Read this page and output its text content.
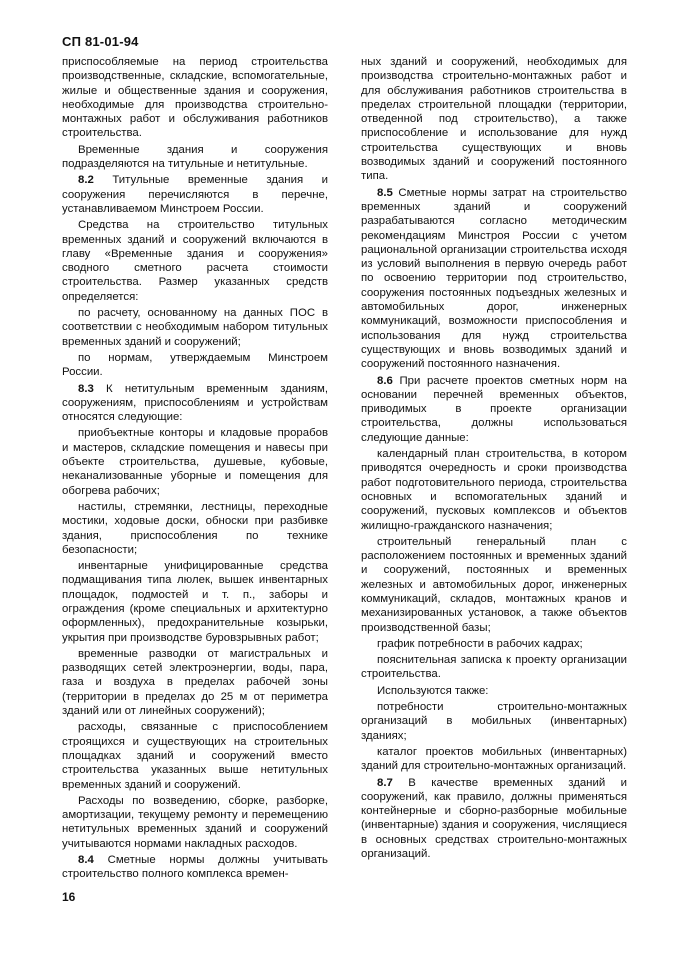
СП 81-01-94

приспособляемые на период строительства производственные, складские, вспомогательные, жилые и общественные здания и сооружения, необходимые для производства строительно-монтажных работ и обслуживания работников строительства.

Временные здания и сооружения подразделяются на титульные и нетитульные.

8.2 Титульные временные здания и сооружения перечисляются в перечне, устанавливаемом Минстроем России.

Средства на строительство титульных временных зданий и сооружений включаются в главу «Временные здания и сооружения» сводного сметного расчета стоимости строительства. Размер указанных средств определяется:

по расчету, основанному на данных ПОС в соответствии с необходимым набором титульных временных зданий и сооружений;

по нормам, утверждаемым Минстроем России.

8.3 К нетитульным временным зданиям, сооружениям, приспособлениям и устройствам относятся следующие:

приобъектные конторы и кладовые прорабов и мастеров, складские помещения и навесы при объекте строительства, душевые, кубовые, неканализованные уборные и помещения для обогрева рабочих;

настилы, стремянки, лестницы, переходные мостики, ходовые доски, обноски при разбивке здания, приспособления по технике безопасности;

инвентарные унифицированные средства подмащивания типа люлек, вышек инвентарных площадок, подмостей и т. п., заборы и ограждения (кроме специальных и архитектурно оформленных), предохранительные козырьки, укрытия при производстве буровзрывных работ;

временные разводки от магистральных и разводящих сетей электроэнергии, воды, пара, газа и воздуха в пределах рабочей зоны (территории в пределах до 25 м от периметра зданий или от линейных сооружений);

расходы, связанные с приспособлением строящихся и существующих на строительных площадках зданий и сооружений вместо строительства указанных выше нетитульных временных зданий и сооружений.

Расходы по возведению, сборке, разборке, амортизации, текущему ремонту и перемещению нетитульных временных зданий и сооружений учитываются нормами накладных расходов.

8.4 Сметные нормы должны учитывать строительство полного комплекса времен-

ных зданий и сооружений, необходимых для производства строительно-монтажных работ и для обслуживания работников строительства в пределах строительной площадки (территории, отведенной под строительство), а также приспособление и использование для нужд строительства существующих и вновь возводимых зданий и сооружений постоянного типа.

8.5 Сметные нормы затрат на строительство временных зданий и сооружений разрабатываются согласно методическим рекомендациям Минстроя России с учетом рациональной организации строительства исходя из условий выполнения в первую очередь работ по освоению территории под строительство, сооружения постоянных подъездных железных и автомобильных дорог, инженерных коммуникаций, возможности приспособления и использования для нужд строительства существующих и вновь возводимых зданий и сооружений постоянного назначения.

8.6 При расчете проектов сметных норм на основании перечней временных объектов, приводимых в проекте организации строительства, должны использоваться следующие данные:

календарный план строительства, в котором приводятся очередность и сроки производства работ подготовительного периода, строительства основных и вспомогательных зданий и сооружений, пусковых комплексов и объектов жилищно-гражданского назначения;

строительный генеральный план с расположением постоянных и временных зданий и сооружений, постоянных и временных железных и автомобильных дорог, инженерных коммуникаций, складов, монтажных кранов и механизированных установок, а также объектов производственной базы;

график потребности в рабочих кадрах;

пояснительная записка к проекту организации строительства.

Используются также:

потребности строительно-монтажных организаций в мобильных (инвентарных) зданиях;

каталог проектов мобильных (инвентарных) зданий для строительно-монтажных организаций.

8.7 В качестве временных зданий и сооружений, как правило, должны применяться контейнерные и сборно-разборные мобильные (инвентарные) здания и сооружения, числящиеся в основных средствах строительно-монтажных организаций.

16
